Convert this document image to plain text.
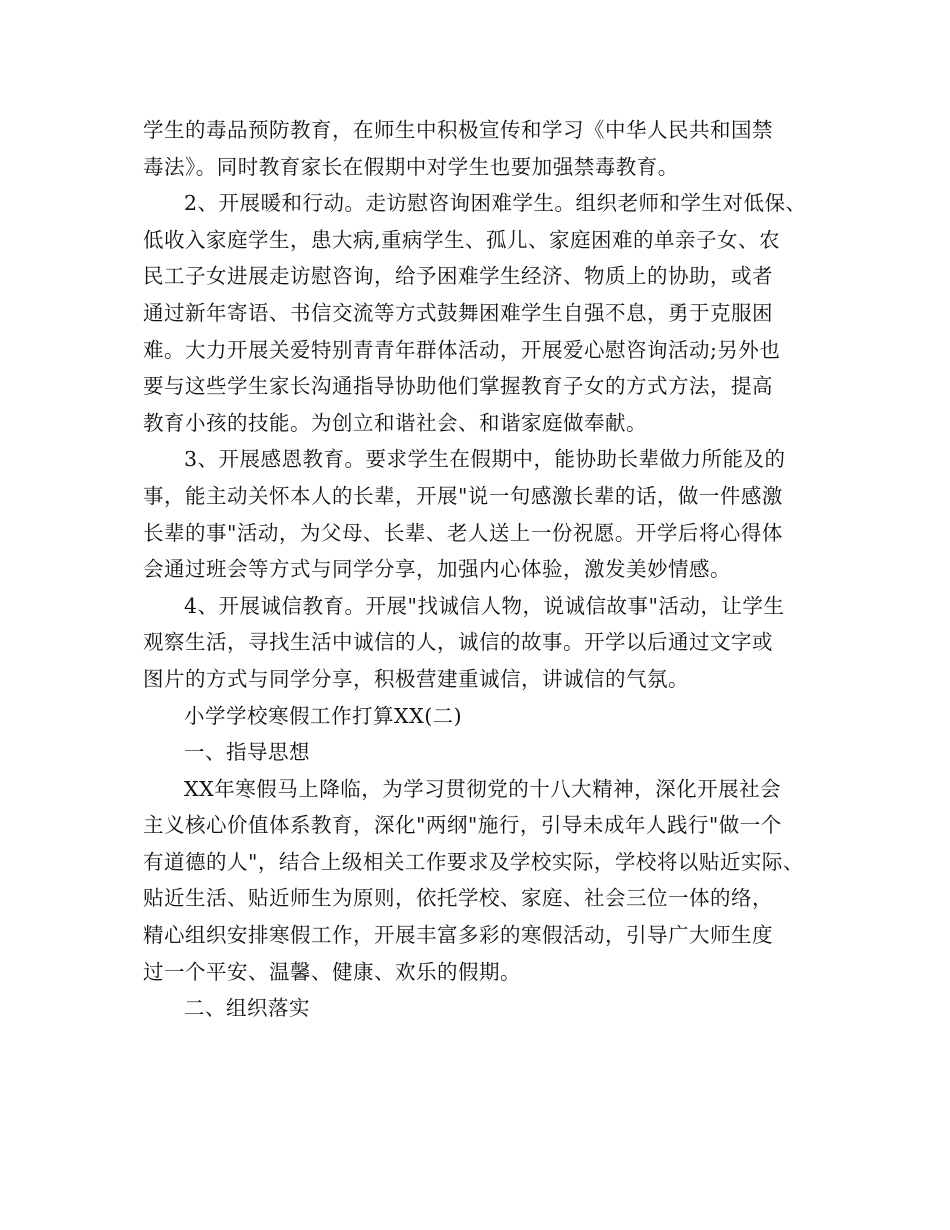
学生的毒品预防教育，在师生中积极宣传和学习《中华人民共和国禁
毒法》。同时教育家长在假期中对学生也要加强禁毒教育。
2、开展暖和行动。走访慰咨询困难学生。组织老师和学生对低保、
低收入家庭学生，患大病,重病学生、孤儿、家庭困难的单亲子女、农
民工子女进展走访慰咨询，给予困难学生经济、物质上的协助，或者
通过新年寄语、书信交流等方式鼓舞困难学生自强不息，勇于克服困
难。大力开展关爱特别青青年群体活动，开展爱心慰咨询活动;另外也
要与这些学生家长沟通指导协助他们掌握教育子女的方式方法，提高
教育小孩的技能。为创立和谐社会、和谐家庭做奉献。
3、开展感恩教育。要求学生在假期中，能协助长辈做力所能及的
事，能主动关怀本人的长辈，开展"说一句感激长辈的话，做一件感激
长辈的事"活动，为父母、长辈、老人送上一份祝愿。开学后将心得体
会通过班会等方式与同学分享，加强内心体验，激发美妙情感。
4、开展诚信教育。开展"找诚信人物，说诚信故事"活动，让学生
观察生活，寻找生活中诚信的人，诚信的故事。开学以后通过文字或
图片的方式与同学分享，积极营建重诚信，讲诚信的气氛。
小学学校寒假工作打算XX(二)
一、指导思想
XX年寒假马上降临，为学习贯彻党的十八大精神，深化开展社会
主义核心价值体系教育，深化"两纲"施行，引导未成年人践行"做一个
有道德的人"，结合上级相关工作要求及学校实际，学校将以贴近实际、
贴近生活、贴近师生为原则，依托学校、家庭、社会三位一体的络，
精心组织安排寒假工作，开展丰富多彩的寒假活动，引导广大师生度
过一个平安、温馨、健康、欢乐的假期。
二、组织落实
